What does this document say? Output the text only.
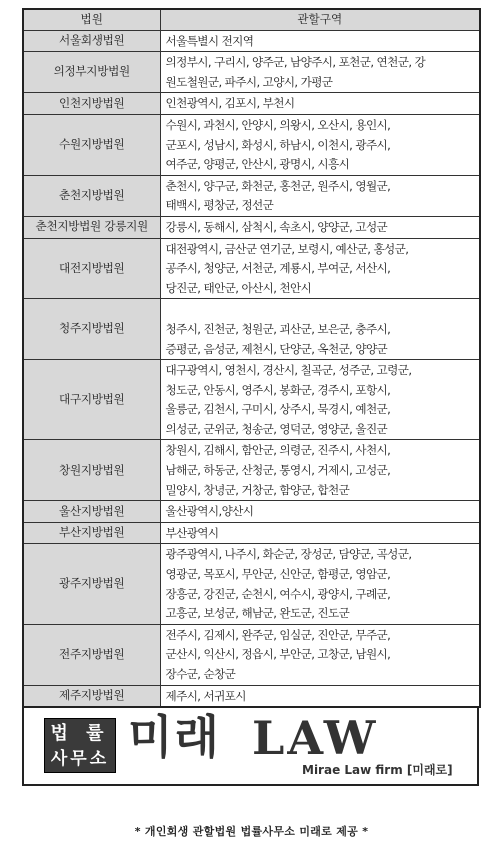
법원	관할구역
서울회생법원	서울특별시 전지역

의정부지방법원	의정부시, 구리시, 양주군, 남양주시, 포천군, 연천군, 강
원도철원군, 파주시, 고양시, 가평군

인천지방법원	인천광역시, 김포시, 부천시

수원지방법원	수원시, 과천시, 안양시, 의왕시, 오산시, 용인시,
군포시, 성남시, 화성시, 하남시, 이천시, 광주시,
여주군, 양평군, 안산시, 광명시, 시흥시

춘천지방법원	춘천시, 양구군, 화천군, 홍천군, 원주시, 영월군,
태백시, 평창군, 정선군

춘천지방법원 강릉지원	강릉시, 동해시, 삼척시, 속초시, 양양군, 고성군

대전지방법원	대전광역시, 금산군 연기군, 보령시, 예산군, 홍성군,
공주시, 청양군, 서천군, 계룡시, 부여군, 서산시,
당진군, 태안군, 아산시, 천안시

청주지방법원	청주시, 진천군, 청원군, 괴산군, 보은군, 충주시,
증평군, 음성군, 제천시, 단양군, 옥천군, 양양군

대구지방법원	대구광역시, 영천시, 경산시, 칠곡군, 성주군, 고령군,
청도군, 안동시, 영주시, 봉화군, 경주시, 포항시,
울릉군, 김천시, 구미시, 상주시, 묵경시, 예천군,
의성군, 군위군, 청송군, 영덕군, 영양군, 울진군

창원지방법원	창원시, 김해시, 함안군, 의령군, 진주시, 사천시,
남해군, 하동군, 산청군, 통영시, 거제시, 고성군,
밀양시, 창녕군, 거창군, 함양군, 합천군

울산지방법원	울산광역시,양산시

부산지방법원	부산광역시

광주지방법원	광주광역시, 나주시, 화순군, 장성군, 담양군, 곡성군,
영광군, 목포시, 무안군, 신안군, 함평군, 영암군,
장흥군, 강진군, 순천시, 여수시, 광양시, 구례군,
고흥군, 보성군, 해남군, 완도군, 진도군

전주지방법원	전주시, 김제시, 완주군, 임실군, 진안군, 무주군,
군산시, 익산시, 정읍시, 부안군, 고창군, 남원시,
장수군, 순창군

제주지방법원	제주시, 서귀포시
법 률
사무소 미래 LAW
Mirae Law firm [미래로]
* 개인회생 관할법원 법률사무소 미래로 제공 *
